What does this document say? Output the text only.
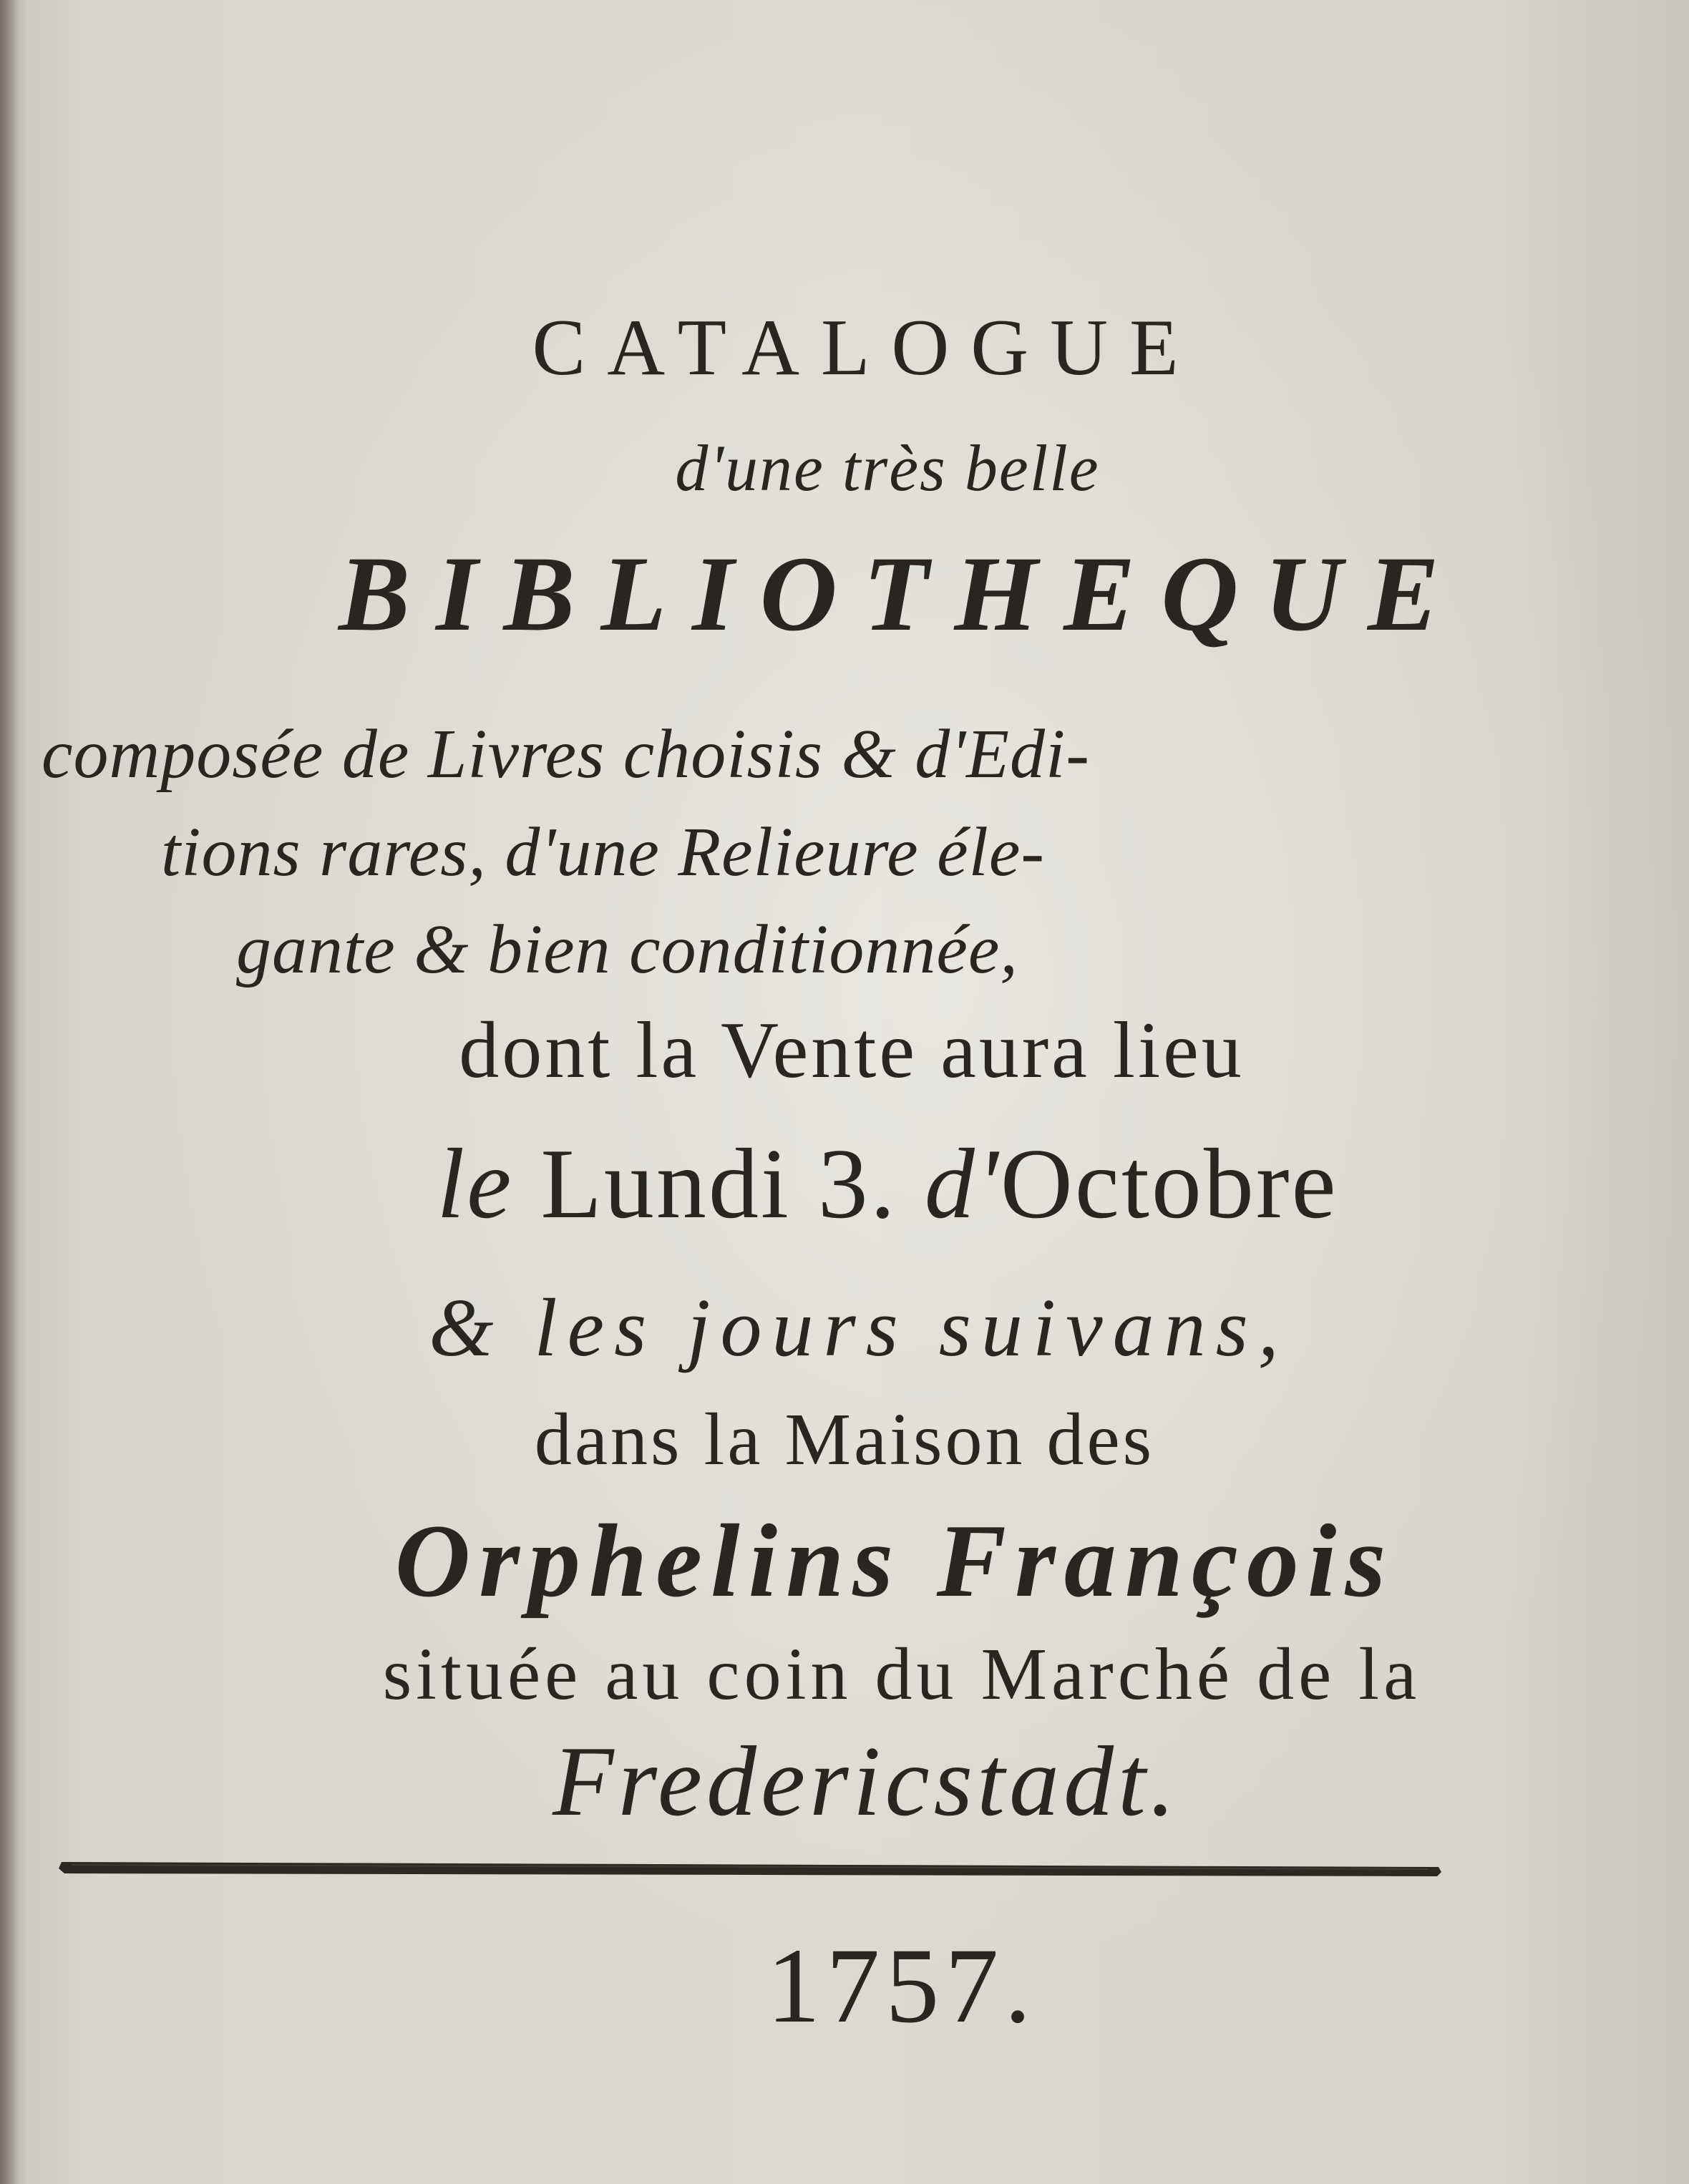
CATALOGUE

d'une très belle

BIBLIOTHEQUE

composée de Livres choisis & d'Edi-

tions rares, d'une Relieure éle-

gante & bien conditionnée,

dont la Vente aura lieu

le Lundi 3. d'Octobre

& les jours suivans,

dans la Maison des

Orphelins François

située au coin du Marché de la

Fredericstadt.

1757.
